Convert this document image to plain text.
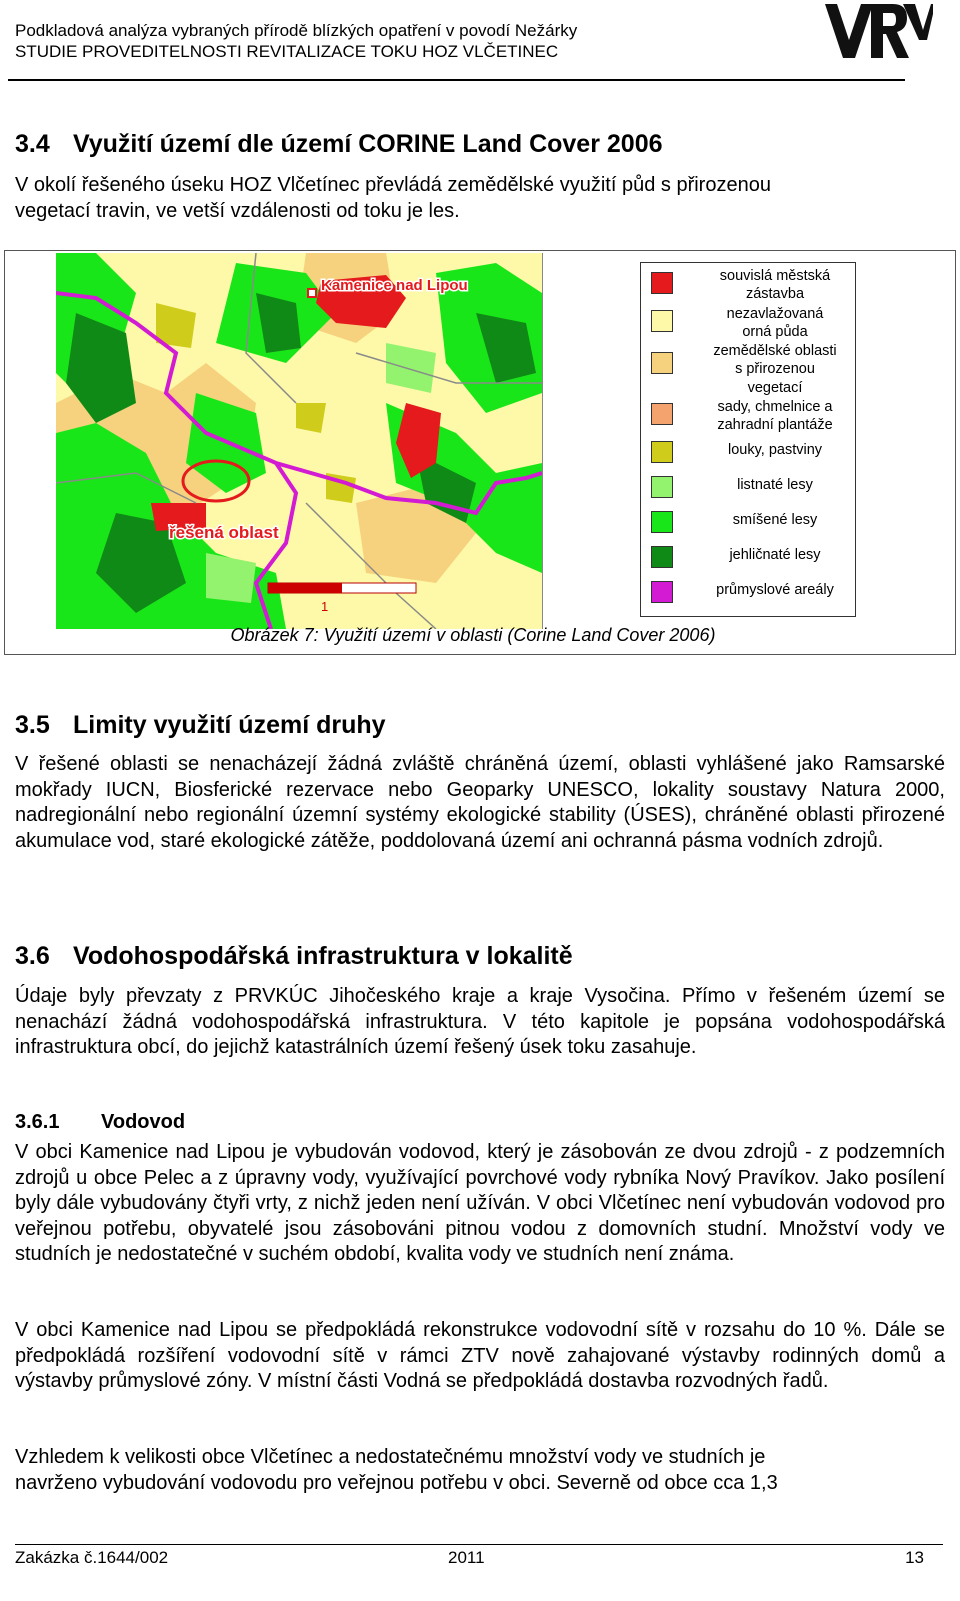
Podkladová analýza vybraných přírodě blízkých opatření v povodí Nežárky
STUDIE PROVEDITELNOSTI REVITALIZACE TOKU HOZ VLČETINEC
3.4 Využití území dle území CORINE Land Cover 2006
V okolí řešeného úseku HOZ Vlčetínec převládá zemědělské využití půd s přirozenou
vegetací travin, ve vetší vzdálenosti od toku je les.
Kamenice nad Lipou
řešená oblast
1
souvislá městská
zástavba
nezavlažovaná
orná půda
zemědělské oblasti
s přirozenou
vegetací
sady, chmelnice a
zahradní plantáže
louky, pastviny
listnaté lesy
smíšené lesy
jehličnaté lesy
průmyslové areály
Obrázek 7: Využití území v oblasti (Corine Land Cover 2006)
3.5 Limity využití území druhy

V řešené oblasti se nenacházejí žádná zvláště chráněná území, oblasti vyhlášené jako Ramsarské mokřady IUCN, Biosferické rezervace nebo Geoparky UNESCO, lokality soustavy Natura 2000, nadregionální nebo regionální územní systémy ekologické stability (ÚSES), chráněné oblasti přirozené akumulace vod, staré ekologické zátěže, poddolovaná území ani ochranná pásma vodních zdrojů.

3.6 Vodohospodářská infrastruktura v lokalitě

Údaje byly převzaty z PRVKÚC Jihočeského kraje a kraje Vysočina. Přímo v řešeném území se nenachází žádná vodohospodářská infrastruktura. V této kapitole je popsána vodohospodářská infrastruktura obcí, do jejichž katastrálních území řešený úsek toku zasahuje.

3.6.1 Vodovod

V obci Kamenice nad Lipou je vybudován vodovod, který je zásobován ze dvou zdrojů - z podzemních zdrojů u obce Pelec a z úpravny vody, využívající povrchové vody rybníka Nový Pravíkov. Jako posílení byly dále vybudovány čtyři vrty, z nichž jeden není užíván. V obci Vlčetínec není vybudován vodovod pro veřejnou potřebu, obyvatelé jsou zásobováni pitnou vodou z domovních studní. Množství vody ve studních je nedostatečné v suchém období, kvalita vody ve studních není známa.

V obci Kamenice nad Lipou se předpokládá rekonstrukce vodovodní sítě v rozsahu do 10 %. Dále se předpokládá rozšíření vodovodní sítě v rámci ZTV nově zahajované výstavby rodinných domů a výstavby průmyslové zóny. V místní části Vodná se předpokládá dostavba rozvodných řadů.

Vzhledem k velikosti obce Vlčetínec a nedostatečnému množství vody ve studních je
navrženo vybudování vodovodu pro veřejnou potřebu v obci. Severně od obce cca 1,3
Zakázka č.1644/002	2011	13
